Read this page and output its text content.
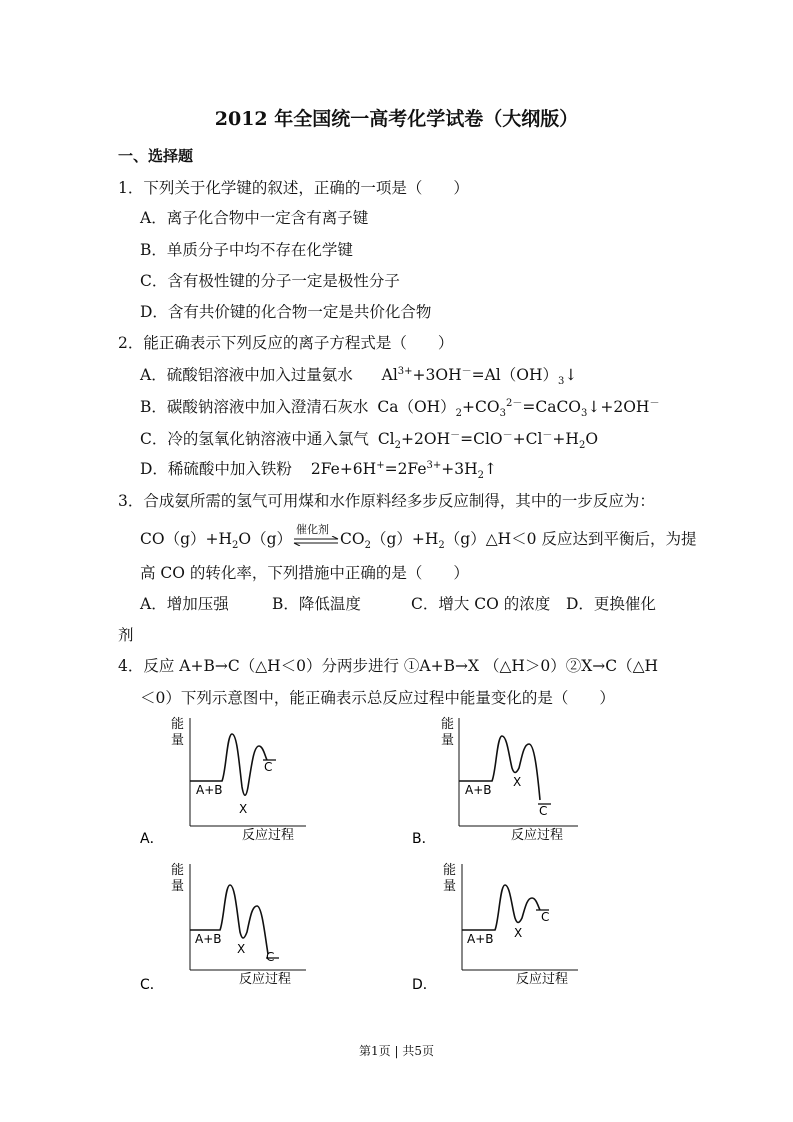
2012 年全国统一高考化学试卷（大纲版）
一、选择题
1．下列关于化学键的叙述，正确的一项是（　　）
A．离子化合物中一定含有离子键
B．单质分子中均不存在化学键
C．含有极性键的分子一定是极性分子
D．含有共价键的化合物一定是共价化合物
2．能正确表示下列反应的离子方程式是（　　）
A．硫酸铝溶液中加入过量氨水 $Al^{3+}+3OH^-=Al(OH)_3↓$
B．碳酸钠溶液中加入澄清石灰水 $Ca(OH)_2+CO_3^{2-}=CaCO_3↓+2OH^-$
C．冷的氢氧化钠溶液中通入氯气 $Cl_2+2OH^-=ClO^-+Cl^-+H_2O$
D．稀硫酸中加入铁粉 $2Fe+6H^+=2Fe^{3+}+3H_2↑$
3．合成氨所需的氢气可用煤和水作原料经多步反应制得，其中的一步反应为：
$CO(g)+H_2O(g)$
催化剂
$CO_2(g)+H_2(g)\triangle H<0$ 反应达到平衡后，为提
高 CO 的转化率，下列措施中正确的是（　　）
A．增加压强	B．降低温度	C．增大 CO 的浓度 D．更换催化
剂
4．反应 A+B→C（△H＜0）分两步进行 ①A+B→X （△H＞0）②X→C（△H
＜0）下列示意图中，能正确表示总反应过程中能量变化的是（　　）
能
量
A+B
X
C
反应过程
A．
能
量
A+B
X
C
反应过程
B．
能
量
A+B
X
C
反应过程
C．
能
量
A+B X
C
反应过程
D．
第1页 | 共5页
